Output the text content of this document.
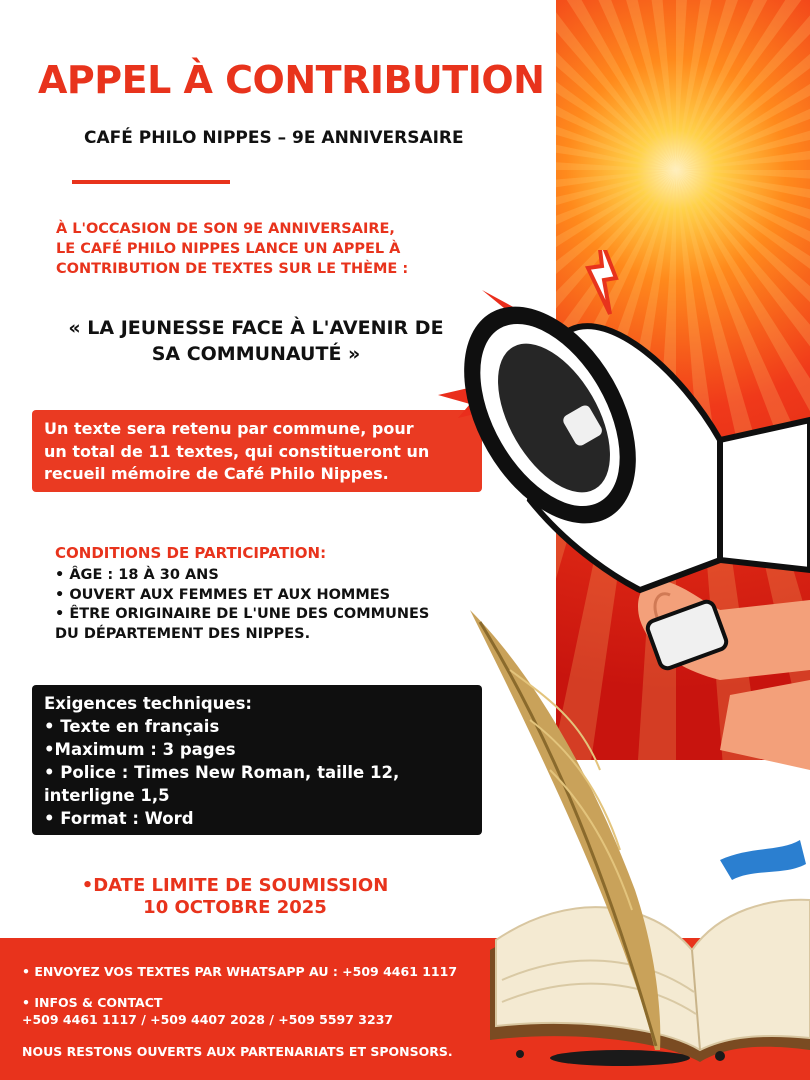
APPEL À CONTRIBUTION
CAFÉ PHILO NIPPES – 9E ANNIVERSAIRE
À L'OCCASION DE SON 9E ANNIVERSAIRE,
LE CAFÉ PHILO NIPPES LANCE UN APPEL À
CONTRIBUTION DE TEXTES SUR LE THÈME :
« LA JEUNESSE FACE À L'AVENIR DE
SA COMMUNAUTÉ »
Un texte sera retenu par commune, pour
un total de 11 textes, qui constitueront un
recueil mémoire de Café Philo Nippes.
CONDITIONS DE PARTICIPATION:
• ÂGE : 18 À 30 ANS
• OUVERT AUX FEMMES ET AUX HOMMES
• ÊTRE ORIGINAIRE DE L'UNE DES COMMUNES
DU DÉPARTEMENT DES NIPPES.
Exigences techniques:
• Texte en français
•Maximum : 3 pages
• Police : Times New Roman, taille 12,
interligne 1,5
• Format : Word
•DATE LIMITE DE SOUMISSION
10 OCTOBRE 2025
• ENVOYEZ VOS TEXTES PAR WHATSAPP AU : +509 4461 1117
• INFOS & CONTACT
+509 4461 1117 / +509 4407 2028 / +509 5597 3237
NOUS RESTONS OUVERTS AUX PARTENARIATS ET SPONSORS.
